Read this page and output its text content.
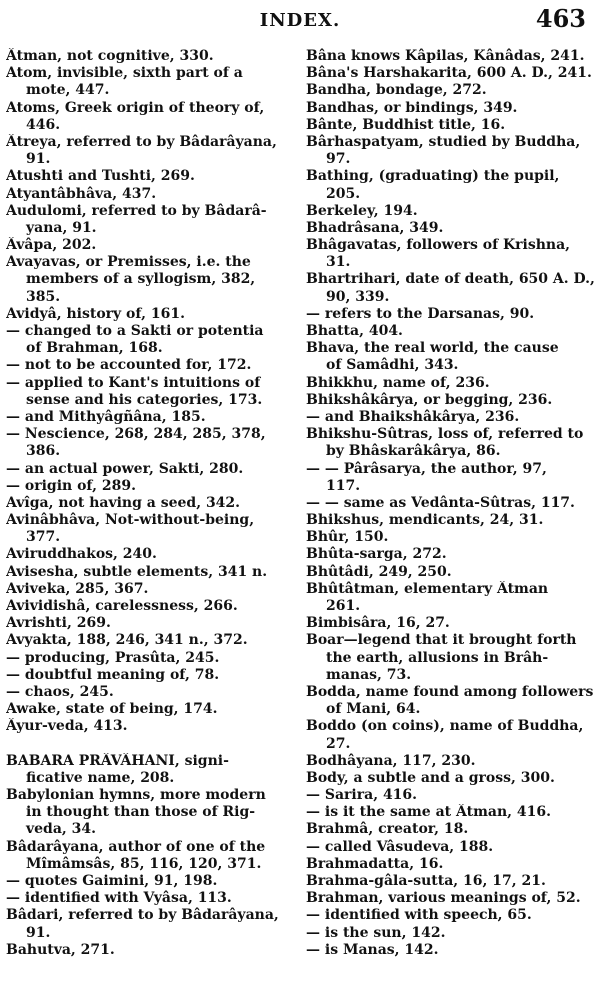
INDEX.	463
Âtman, not cognitive, 330.
Atom, invisible, sixth part of a
mote, 447.
Atoms, Greek origin of theory of,
446.
Âtreya, referred to by Bâdarâyana,
91.
Atushti and Tushti, 269.
Atyantâbhâva, 437.
Audulomi, referred to by Bâdarâ-
yana, 91.
Âvâpa, 202.
Avayavas, or Premisses, i.e. the
members of a syllogism, 382,
385.
Avidyâ, history of, 161.
— changed to a Sakti or potentia
of Brahman, 168.
— not to be accounted for, 172.
— applied to Kant's intuitions of
sense and his categories, 173.
— and Mithyâgñâna, 185.
— Nescience, 268, 284, 285, 378,
386.
— an actual power, Sakti, 280.
— origin of, 289.
Avîga, not having a seed, 342.
Avinâbhâva, Not-without-being,
377.
Aviruddhakos, 240.
Avisesha, subtle elements, 341 n.
Aviveka, 285, 367.
Avividishâ, carelessness, 266.
Avrishti, 269.
Avyakta, 188, 246, 341 n., 372.
— producing, Prasûta, 245.
— doubtful meaning of, 78.
— chaos, 245.
Awake, state of being, 174.
Âyur-veda, 413.
BABARA PRÂVÂHANI, signi-
ficative name, 208.
Babylonian hymns, more modern
in thought than those of Rig-
veda, 34.
Bâdarâyana, author of one of the
Mîmâmsâs, 85, 116, 120, 371.
— quotes Gaimini, 91, 198.
— identified with Vyâsa, 113.
Bâdari, referred to by Bâdarâyana,
91.
Bahutva, 271.
Bâna knows Kâpilas, Kânâdas, 241.
Bâna's Harshakarita, 600 A. D., 241.
Bandha, bondage, 272.
Bandhas, or bindings, 349.
Bânte, Buddhist title, 16.
Bârhaspatyam, studied by Buddha,
97.
Bathing, (graduating) the pupil,
205.
Berkeley, 194.
Bhadrâsana, 349.
Bhâgavatas, followers of Krishna,
31.
Bhartrihari, date of death, 650 A. D.,
90, 339.
— refers to the Darsanas, 90.
Bhatta, 404.
Bhava, the real world, the cause
of Samâdhi, 343.
Bhikkhu, name of, 236.
Bhikshâkârya, or begging, 236.
— and Bhaikshâkârya, 236.
Bhikshu-Sûtras, loss of, referred to
by Bhâskarâkârya, 86.
— — Pârâsarya, the author, 97,
117.
— — same as Vedânta-Sûtras, 117.
Bhikshus, mendicants, 24, 31.
Bhûr, 150.
Bhûta-sarga, 272.
Bhûtâdi, 249, 250.
Bhûtâtman, elementary Âtman
261.
Bimbisâra, 16, 27.
Boar—legend that it brought forth
the earth, allusions in Brâh-
manas, 73.
Bodda, name found among followers
of Mani, 64.
Boddo (on coins), name of Buddha,
27.
Bodhâyana, 117, 230.
Body, a subtle and a gross, 300.
— Sarira, 416.
— is it the same at Âtman, 416.
Brahmâ, creator, 18.
— called Vâsudeva, 188.
Brahmadatta, 16.
Brahma-gâla-sutta, 16, 17, 21.
Brahman, various meanings of, 52.
— identified with speech, 65.
— is the sun, 142.
— is Manas, 142.
